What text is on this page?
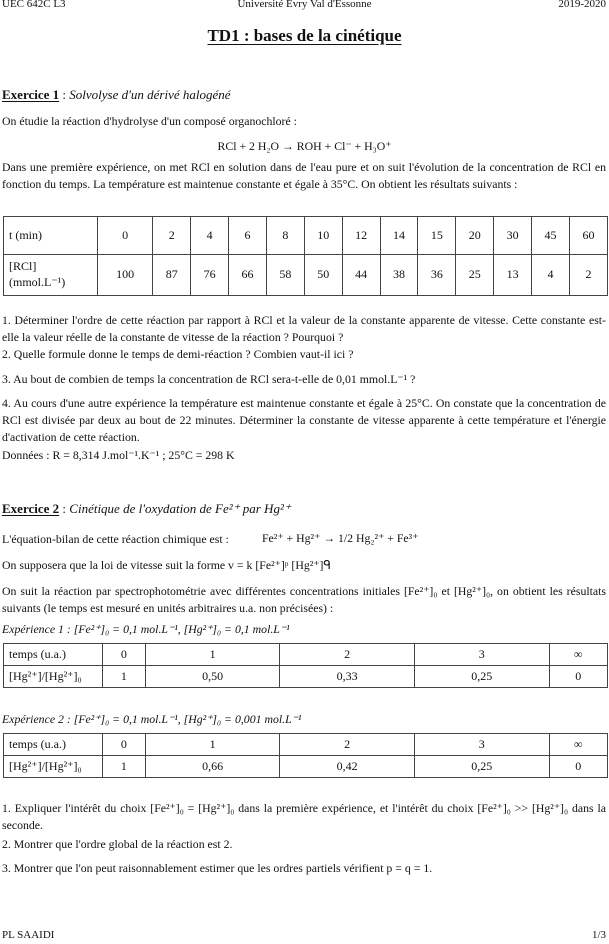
UEC 642C L3	Université Evry Val d'Essonne	2019-2020
TD1 : bases de la cinétique
Exercice 1 : Solvolyse d'un dérivé halogéné

On étudie la réaction d'hydrolyse d'un composé organochloré :

RCl + 2 H₂O → ROH + Cl⁻ + H₃O⁺

Dans une première expérience, on met RCl en solution dans de l'eau pure et on suit l'évolution de la concentration de RCl en fonction du temps. La température est maintenue constante et égale à 35°C. On obtient les résultats suivants :

t (min)	0	2	4	6	8	10	12	14	15	20	30	45	60
[RCl]
(mmol.L⁻¹)	100	87	76	66	58	50	44	38	36	25	13	4	2

1. Déterminer l'ordre de cette réaction par rapport à RCl et la valeur de la constante apparente de vitesse. Cette constante est-elle la valeur réelle de la constante de vitesse de la réaction ? Pourquoi ?

2. Quelle formule donne le temps de demi-réaction ? Combien vaut-il ici ?

3. Au bout de combien de temps la concentration de RCl sera-t-elle de 0,01 mmol.L⁻¹ ?

4. Au cours d'une autre expérience la température est maintenue constante et égale à 25°C. On constate que la concentration de RCl est divisée par deux au bout de 22 minutes. Déterminer la constante de vitesse apparente à cette température et l'énergie d'activation de cette réaction.

Données : R = 8,314 J.mol⁻¹.K⁻¹ ; 25°C = 298 K

Exercice 2 : Cinétique de l'oxydation de Fe²⁺ par Hg²⁺

L'équation-bilan de cette réaction chimique est :	Fe²⁺ + Hg²⁺ → 1/2 Hg₂²⁺ + Fe³⁺

On supposera que la loi de vitesse suit la forme v = k [Fe²⁺]ᵖ [Hg²⁺]ᑫ

On suit la réaction par spectrophotométrie avec différentes concentrations initiales [Fe²⁺]₀ et [Hg²⁺]₀, on obtient les résultats suivants (le temps est mesuré en unités arbitraires u.a. non précisées) :

Expérience 1 : [Fe²⁺]₀ = 0,1 mol.L⁻¹, [Hg²⁺]₀ = 0,1 mol.L⁻¹

temps (u.a.)	0	1	2	3	∞
[Hg²⁺]/[Hg²⁺]₀	1	0,50	0,33	0,25	0

Expérience 2 : [Fe²⁺]₀ = 0,1 mol.L⁻¹, [Hg²⁺]₀ = 0,001 mol.L⁻¹

temps (u.a.)	0	1	2	3	∞
[Hg²⁺]/[Hg²⁺]₀	1	0,66	0,42	0,25	0

1. Expliquer l'intérêt du choix [Fe²⁺]₀ = [Hg²⁺]₀ dans la première expérience, et l'intérêt du choix [Fe²⁺]₀ >> [Hg²⁺]₀ dans la seconde.

2. Montrer que l'ordre global de la réaction est 2.

3. Montrer que l'on peut raisonnablement estimer que les ordres partiels vérifient p = q = 1.

PL SAAIDI	1/3
